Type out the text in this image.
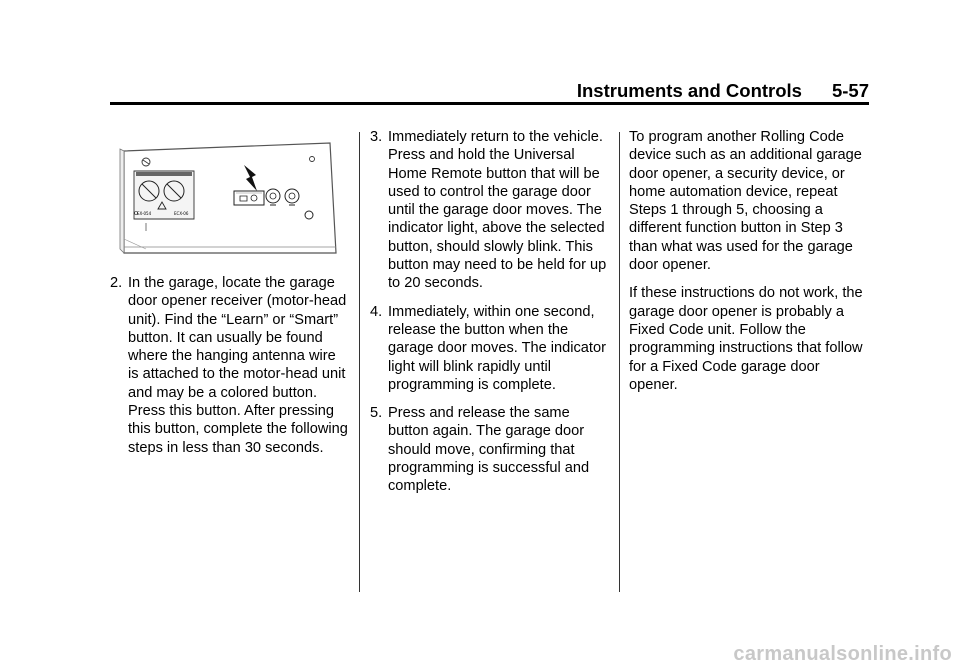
Instruments and Controls 5-57
EX-054	ECX-06
2. In the garage, locate the garage door opener receiver (motor-head unit). Find the “Learn” or “Smart” button. It can usually be found where the hanging antenna wire is attached to the motor-head unit and may be a colored button. Press this button. After pressing this button, complete the following steps in less than 30 seconds.
3. Immediately return to the vehicle. Press and hold the Universal Home Remote button that will be used to control the garage door until the garage door moves. The indicator light, above the selected button, should slowly blink. This button may need to be held for up to 20 seconds.
4. Immediately, within one second, release the button when the garage door moves. The indicator light will blink rapidly until programming is complete.
5. Press and release the same button again. The garage door should move, confirming that programming is successful and complete.

To program another Rolling Code device such as an additional garage door opener, a security device, or home automation device, repeat Steps 1 through 5, choosing a different function button in Step 3 than what was used for the garage door opener.

If these instructions do not work, the garage door opener is probably a Fixed Code unit. Follow the programming instructions that follow for a Fixed Code garage door opener.

carmanualsonline.info
